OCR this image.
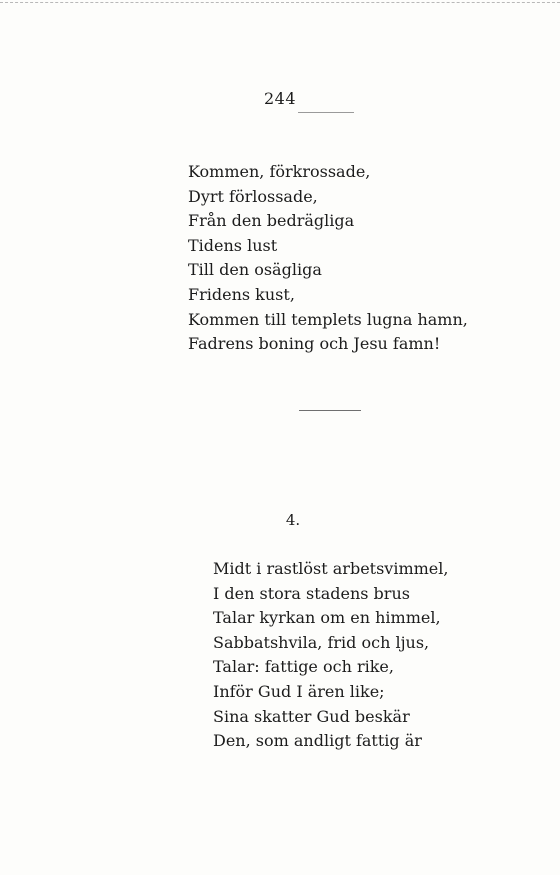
244
Kommen, förkrossade,
Dyrt förlossade,
Från den bedrägliga
Tidens lust
Till den osägliga
Fridens kust,
Kommen till templets lugna hamn,
Fadrens boning och Jesu famn!
4.
Midt i rastlöst arbetsvimmel,
I den stora stadens brus
Talar kyrkan om en himmel,
Sabbatshvila, frid och ljus,
Talar: fattige och rike,
Inför Gud I ären like;
Sina skatter Gud beskär
Den, som andligt fattig är
